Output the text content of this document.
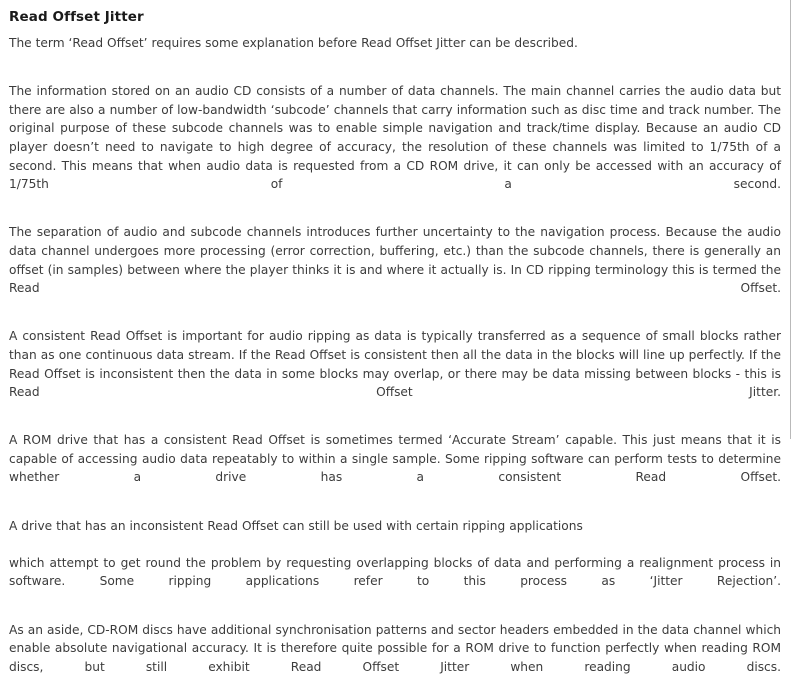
Read Offset Jitter

The term ‘Read Offset’ requires some explanation before Read Offset Jitter can be described.

The information stored on an audio CD consists of a number of data channels. The main channel carries the audio data but there are also a number of low-bandwidth ‘subcode’ channels that carry information such as disc time and track number. The original purpose of these subcode channels was to enable simple navigation and track/time display. Because an audio CD player doesn’t need to navigate to high degree of accuracy, the resolution of these channels was limited to 1/75th of a second. This means that when audio data is requested from a CD ROM drive, it can only be accessed with an accuracy of 1/75th of a second.

The separation of audio and subcode channels introduces further uncertainty to the navigation process. Because the audio data channel undergoes more processing (error correction, buffering, etc.) than the subcode channels, there is generally an offset (in samples) between where the player thinks it is and where it actually is. In CD ripping terminology this is termed the Read Offset.

A consistent Read Offset is important for audio ripping as data is typically transferred as a sequence of small blocks rather than as one continuous data stream. If the Read Offset is consistent then all the data in the blocks will line up perfectly. If the Read Offset is inconsistent then the data in some blocks may overlap, or there may be data missing between blocks - this is Read Offset Jitter.

A ROM drive that has a consistent Read Offset is sometimes termed ‘Accurate Stream’ capable. This just means that it is capable of accessing audio data repeatably to within a single sample. Some ripping software can perform tests to determine whether a drive has a consistent Read Offset.

A drive that has an inconsistent Read Offset can still be used with certain ripping applications
which attempt to get round the problem by requesting overlapping blocks of data and performing a realignment process in software. Some ripping applications refer to this process as ‘Jitter Rejection’.

As an aside, CD-ROM discs have additional synchronisation patterns and sector headers embedded in the data channel which enable absolute navigational accuracy. It is therefore quite possible for a ROM drive to function perfectly when reading ROM discs, but still exhibit Read Offset Jitter when reading audio discs.
